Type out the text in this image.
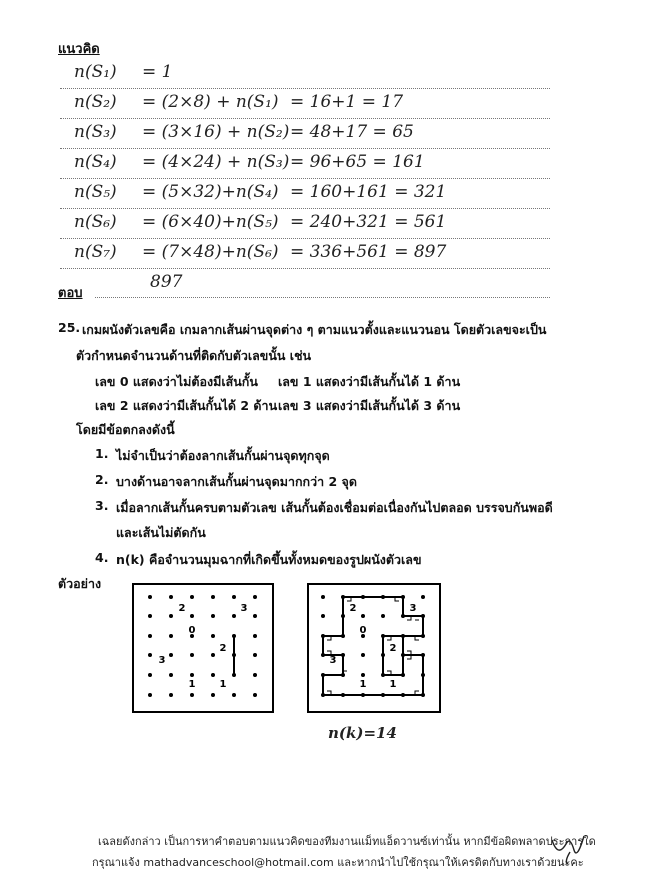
แนวคิด
n(S₁) = 1
n(S₂) = (2×8) + n(S₁) = 16+1 = 17
n(S₃) = (3×16) + n(S₂) = 48+17 = 65
n(S₄) = (4×24) + n(S₃) = 96+65 = 161
n(S₅) = (5×32)+n(S₄) = 160+161 = 321
n(S₆) = (6×40)+n(S₅) = 240+321 = 561
n(S₇) = (7×48)+n(S₆) = 336+561 = 897
ตอบ
897
25. เกมผนังตัวเลขคือ เกมลากเส้นผ่านจุดต่าง ๆ ตามแนวตั้งและแนวนอน โดยตัวเลขจะเป็น
ตัวกำหนดจำนวนด้านที่ติดกับตัวเลขนั้น เช่น
เลข 0 แสดงว่าไม่ต้องมีเส้นกั้น เลข 1 แสดงว่ามีเส้นกั้นได้ 1 ด้าน
เลข 2 แสดงว่ามีเส้นกั้นได้ 2 ด้าน เลข 3 แสดงว่ามีเส้นกั้นได้ 3 ด้าน
โดยมีข้อตกลงดังนี้
1. ไม่จำเป็นว่าต้องลากเส้นกั้นผ่านจุดทุกจุด
2. บางด้านอาจลากเส้นกั้นผ่านจุดมากกว่า 2 จุด
3. เมื่อลากเส้นกั้นครบตามตัวเลข เส้นกั้นต้องเชื่อมต่อเนื่องกันไปตลอด บรรจบกันพอดี
และเส้นไม่ตัดกัน
4. n(k) คือจำนวนมุมฉากที่เกิดขึ้นทั้งหมดของรูปผนังตัวเลข
ตัวอย่าง
2	3
0
2
3
1 1
2	3
0
2
3
1 1
n(k)=14
เฉลยดังกล่าว เป็นการหาคำตอบตามแนวคิดของทีมงานแม็ทแอ็ดวานซ์เท่านั้น หากมีข้อผิดพลาดประการใด
กรุณาแจ้ง mathadvanceschool@hotmail.com และหากนำไปใช้กรุณาให้เครดิตกับทางเราด้วยนะคะ
